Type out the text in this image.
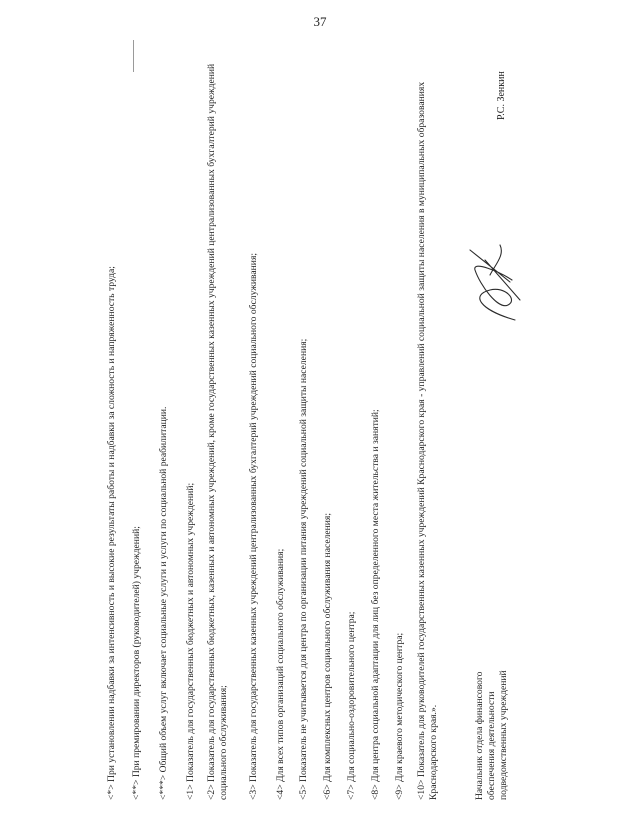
37
<*> При установлении надбавки за интенсивность и высокие результаты работы и надбавки за сложность и напряженность труда; <**> При премировании директоров (руководителей) учреждений; <***> Общий объем услуг включает социальные услуги и услуги по социальной реабилитации. <1> Показатель для государственных бюджетных и автономных учреждений; <2> Показатель для государственных бюджетных, казенных и автономных учреждений, кроме государственных казенных учреждений централизованных бухгалтерий учреждений социального обслуживания; <3> Показатель для государственных казенных учреждений централизованных бухгалтерий учреждений социального обслуживания; <4> Для всех типов организаций социального обслуживания; <5> Показатель не учитывается для центра по организации питания учреждений социальной защиты населения; <6> Для комплексных центров социального обслуживания населения; <7> Для социально-оздоровительного центра; <8> Для центра социальной адаптации для лиц без определенного места жительства и занятий; <9> Для краевого методического центра; <10> Показатель для руководителей государственных казенных учреждений Краснодарского края - управлений социальной защиты населения в муниципальных образованиях Краснодарского края.».	Начальник отдела финансового обеспечения деятельности подведомственных учреждений
Р.С. Зенкин
